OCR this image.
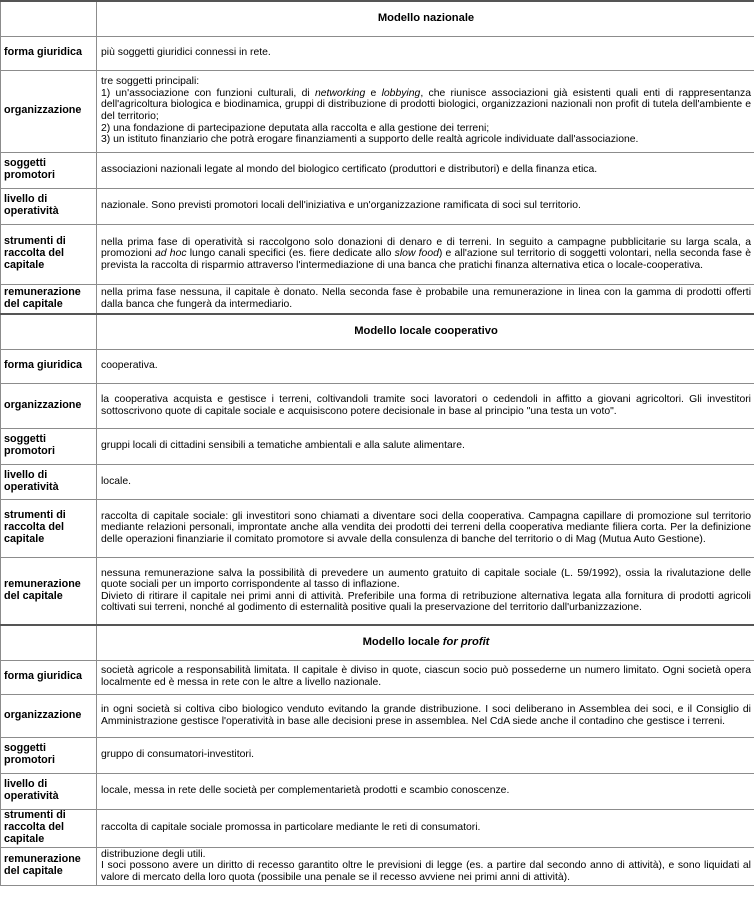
	Modello nazionale
forma giuridica	più soggetti giuridici connessi in rete.

organizzazione	tre soggetti principali:
1) un'associazione con funzioni culturali, di networking e lobbying, che riunisce associazioni già esistenti quali enti di rappresentanza dell'agricoltura biologica e biodinamica, gruppi di distribuzione di prodotti biologici, organizzazioni nazionali non profit di tutela dell'ambiente e del territorio;
2) una fondazione di partecipazione deputata alla raccolta e alla gestione dei terreni;
3) un istituto finanziario che potrà erogare finanziamenti a supporto delle realtà agricole individuate dall'associazione.

soggetti promotori	associazioni nazionali legate al mondo del biologico certificato (produttori e distributori) e della finanza etica.

livello di operatività	nazionale. Sono previsti promotori locali dell'iniziativa e un'organizzazione ramificata di soci sul territorio.

strumenti di raccolta del capitale	nella prima fase di operatività si raccolgono solo donazioni di denaro e di terreni. In seguito a campagne pubblicitarie su larga scala, a promozioni ad hoc lungo canali specifici (es. fiere dedicate allo slow food) e all'azione sul territorio di soggetti volontari, nella seconda fase è prevista la raccolta di risparmio attraverso l'intermediazione di una banca che pratichi finanza alternativa etica o locale-cooperativa.

remunerazione del capitale	nella prima fase nessuna, il capitale è donato. Nella seconda fase è probabile una remunerazione in linea con la gamma di prodotti offerti dalla banca che fungerà da intermediario.

	Modello locale cooperativo
forma giuridica	cooperativa.

organizzazione	la cooperativa acquista e gestisce i terreni, coltivandoli tramite soci lavoratori o cedendoli in affitto a giovani agricoltori. Gli investitori sottoscrivono quote di capitale sociale e acquisiscono potere decisionale in base al principio "una testa un voto".

soggetti promotori	gruppi locali di cittadini sensibili a tematiche ambientali e alla salute alimentare.

livello di operatività	locale.

strumenti di raccolta del capitale	raccolta di capitale sociale: gli investitori sono chiamati a diventare soci della cooperativa. Campagna capillare di promozione sul territorio mediante relazioni personali, improntate anche alla vendita dei prodotti dei terreni della cooperativa mediante filiera corta. Per la definizione delle operazioni finanziarie il comitato promotore si avvale della consulenza di banche del territorio o di Mag (Mutua Auto Gestione).

remunerazione del capitale	nessuna remunerazione salva la possibilità di prevedere un aumento gratuito di capitale sociale (L. 59/1992), ossia la rivalutazione delle quote sociali per un importo corrispondente al tasso di inflazione.
Divieto di ritirare il capitale nei primi anni di attività. Preferibile una forma di retribuzione alternativa legata alla fornitura di prodotti agricoli coltivati sui terreni, nonché al godimento di esternalità positive quali la preservazione del territorio dall'urbanizzazione.

	Modello locale for profit
forma giuridica	società agricole a responsabilità limitata. Il capitale è diviso in quote, ciascun socio può possederne un numero limitato. Ogni società opera localmente ed è messa in rete con le altre a livello nazionale.

organizzazione	in ogni società si coltiva cibo biologico venduto evitando la grande distribuzione. I soci deliberano in Assemblea dei soci, e il Consiglio di Amministrazione gestisce l'operatività in base alle decisioni prese in assemblea. Nel CdA siede anche il contadino che gestisce i terreni.

soggetti promotori	gruppo di consumatori-investitori.

livello di operatività	locale, messa in rete delle società per complementarietà prodotti e scambio conoscenze.

strumenti di raccolta del capitale	raccolta di capitale sociale promossa in particolare mediante le reti di consumatori.

remunerazione del capitale	distribuzione degli utili.
I soci possono avere un diritto di recesso garantito oltre le previsioni di legge (es. a partire dal secondo anno di attività), e sono liquidati al valore di mercato della loro quota (possibile una penale se il recesso avviene nei primi anni di attività).
